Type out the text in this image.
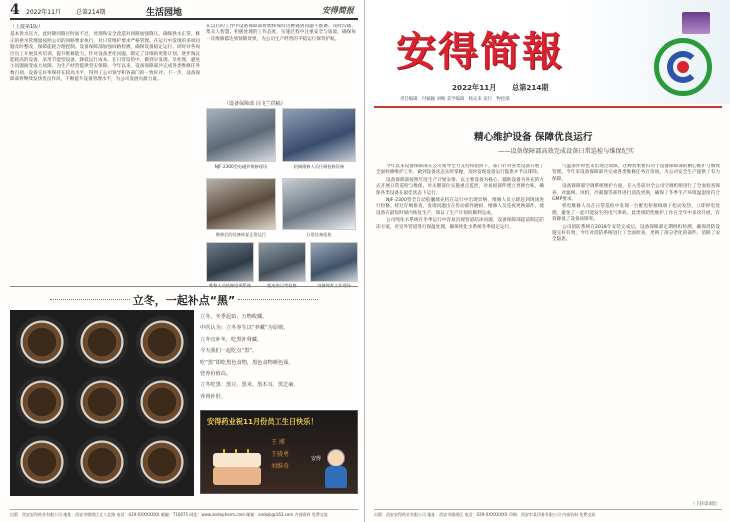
4 2022年11月	总第214期	生活园地	安得简报
（上接第1版）
基本供水压力。此时降回路过时间不过，处理和安全改造对回路加强降压，确保供水正常。修正的供水管理量按照公司的回路要求执行，对日常维护要求严格管理。在运行中发现的多项问题及时整改，保障能耗合理控制。设备保障部加强回路检测，确保设备稳定运行。同时对各岗位员工开展技术培训，提升维修能力。针对设备老化问题，制定了详细的更新计划，逐步淘汰能耗高的设备，采用节能型设备，降低运行成本。在日常巡检中，做到早发现、早处理，避免小问题演变成大故障，为生产经营提供坚实保障。今年以来，设备保障部共完成各类维修任务数百项，设备完好率保持在较高水平，得到了公司领导和各部门的一致好评。下一步，设备保障部将继续发扬优良作风，不断提升设备管理水平，为公司发展贡献力量。
在以后的工作中设备保障部将始终保持这种遇到问题不推诿、及时沟通、集众人智慧、积极处理的工作态度，实施过程中注重安全与质量，确保每一次维修都达到预期效果，为公司生产经营的平稳运行保驾护航。
（设备保障部 闫飞兰供稿）
NJF-2300型电磁炉维修现场	机械维修人员仔细检修设备
维修后的设备恢复正常运行	日常设备巡检
维修人员检修空调系统	配电室日常检修	设备保养工作现场
立冬，一起补点“黑”
立冬，冬季起始，万物收藏。
中医认为：立冬养生以“养藏”为原则。
立冬宜补冬，吃黑补肾藏。
今天我们一起吃点“黑”。
吃“黑”即吃黑色食物，黑色食物颜色深，
营养价值高。
立冬吃黑：黑豆、黑米、黑木耳、黑芝麻，
养肾补肝。
安得药业祝11月份员工生日快乐！
王 博
王骁勇
刘维奇
安得
出版：西安安得药业有限公司 地址：西安市雁塔区丈八北路 电话：029-XXXXXXXX 邮编：710075 网址：www.andepharm.com 邮箱：andejb@163.com 内部资料 免费交流
安得简報
2022年11月 总第214期
责任编辑：付颖颖 刘畅 美学编辑：杨众来 发行：物控部
精心维护设备 保障优良运行
——设备保障部高效完成设备日常巡检与维保纪实

今年以来设备保障部在公司领导全力支持和指挥下，部门针对各类设备开展了全面检修维护工作，做到设备状态实时掌握，及时发现设备运行隐患并予以排除。

设备保障部按照年度生产计划安排，以主要设备为核心、辅助设备为补充的方式开展日常巡检与维保，对关键部位实施重点监控，对易损部件建立更换台账，确保各类设备在最佳状态下运行。

NJF-2300型全自动胶囊填充机在运行中出现异响，维修人员立即赶到现场进行检修。经过仔细排查，发现问题出在传动部件磨损，维修人员连夜更换部件，使设备在最短时间内恢复生产，保证了生产计划的顺利完成。

公司纯化水系统在冬季运行中容易出现管道结冰问题，设备保障部提前制定防冻方案，对室外管道进行保温处理，确保纯化水系统冬季稳定运行。

气温条件时也未出现过故障。这种效果要归功于设备保障部的精心维护与细致管理。今年来设备保障部共完成各类维修任务百余项，为公司安全生产提供了有力保障。

设备保障部空调系统维护方面，在入冬前对全公司空调机组进行了全面检查保养，对滤网、风机、冷凝器等部件进行清洗更换，确保了冬季生产环境温湿度符合GMP要求。

机电维修人员在日常巡检中发现一台配电柜接线端子松动发热，立即停电处理，避免了一起可能发生的电气事故。此类预防性维护工作在全年中多次开展，有效降低了设备故障率。

公司消防系统在2018年安装完成后，设备保障部定期组织检测，确保消防设施完好有效。今年对消防系统进行了全面检查，更换了部分老化的部件，消除了安全隐患。

（下转第4版）
出版：西安安得药业有限公司 地址：西安市雁塔区 电话：029-XXXXXXXX 印刷：西安市某印务有限公司 内部资料 免费交流
